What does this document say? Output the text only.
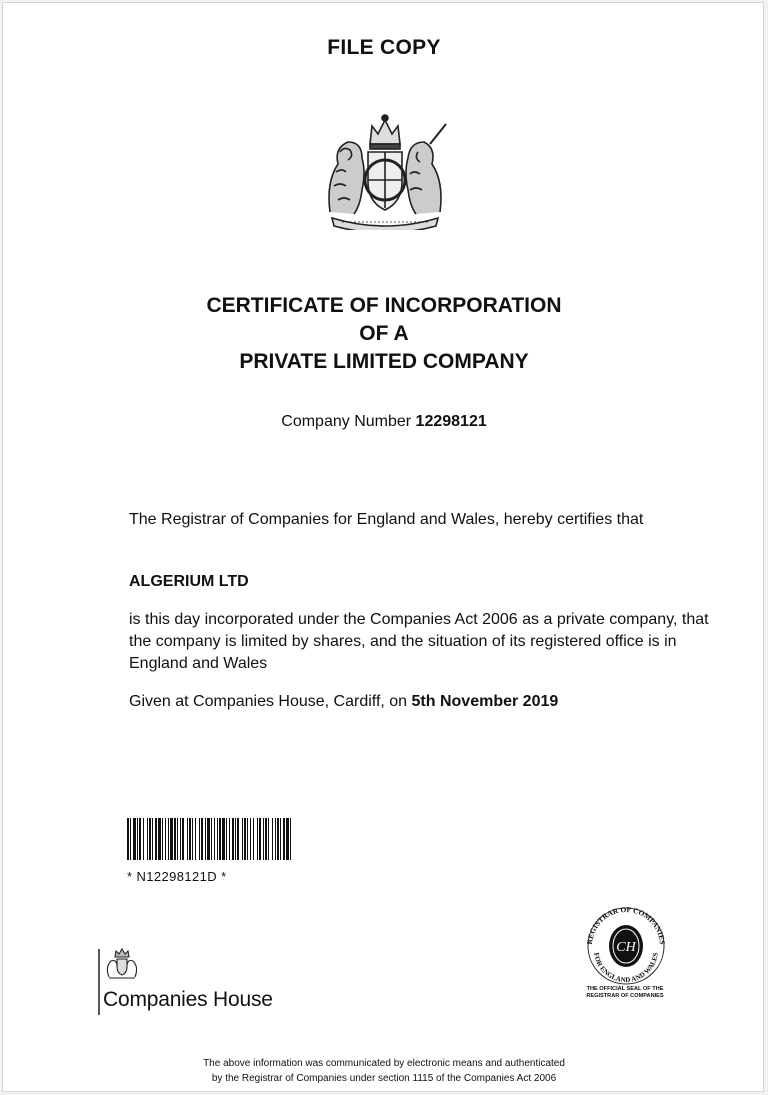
FILE COPY
CERTIFICATE OF INCORPORATION
OF A
PRIVATE LIMITED COMPANY
Company Number 12298121
The Registrar of Companies for England and Wales, hereby certifies that
ALGERIUM LTD
is this day incorporated under the Companies Act 2006 as a private company, that the company is limited by shares, and the situation of its registered office is in England and Wales
Given at Companies House, Cardiff, on 5th November 2019
* N12298121D *
REGISTRAR OF COMPANIES
FOR ENGLAND AND WALES
CH
THE OFFICIAL SEAL OF THE
REGISTRAR OF COMPANIES
Companies House
The above information was communicated by electronic means and authenticated
by the Registrar of Companies under section 1115 of the Companies Act 2006
